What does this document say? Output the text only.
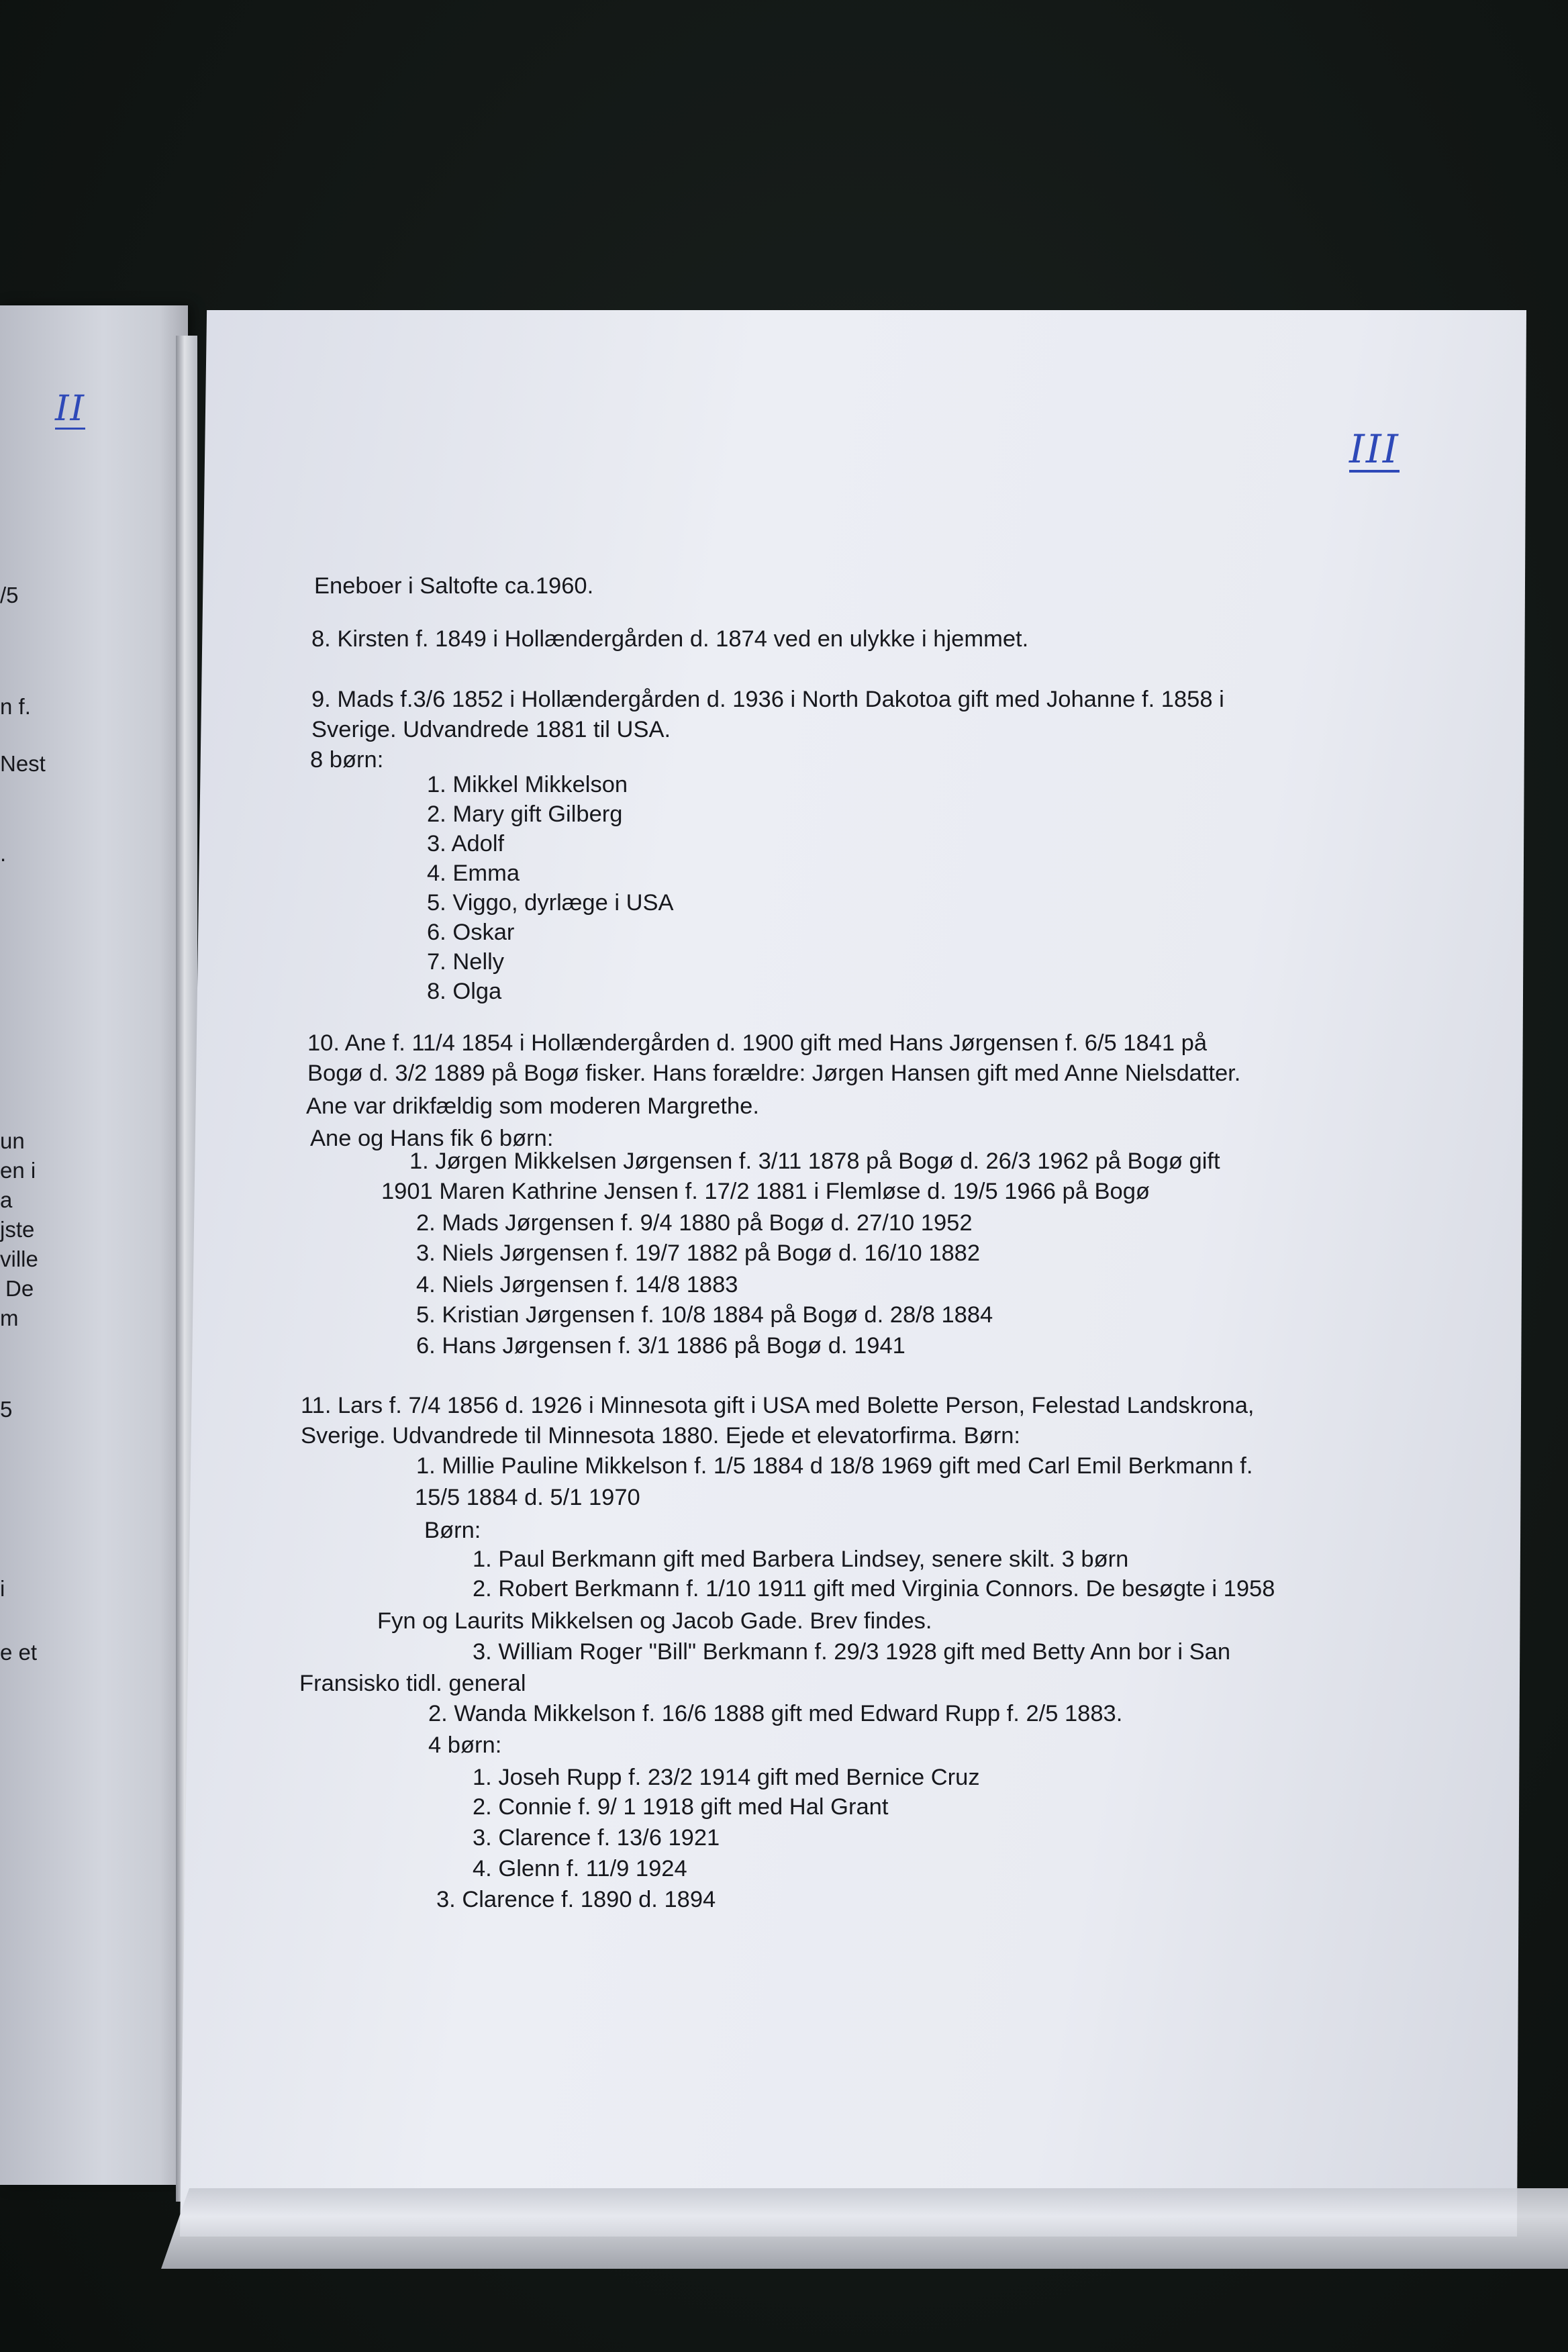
II
/5
n f.
Nest
.
un
en i
a
jste
ville
De
m
5
i
e et
III
Eneboer i Saltofte ca.1960.
8. Kirsten f. 1849 i Hollændergården d. 1874 ved en ulykke i hjemmet.
9. Mads f.3/6 1852 i Hollændergården d. 1936 i North Dakotoa gift med Johanne f. 1858 i
Sverige. Udvandrede 1881 til USA.
8 børn:
1. Mikkel Mikkelson
2. Mary gift Gilberg
3. Adolf
4. Emma
5. Viggo, dyrlæge i USA
6. Oskar
7. Nelly
8. Olga
10. Ane f. 11/4 1854 i Hollændergården d. 1900 gift med Hans Jørgensen f. 6/5 1841 på
Bogø d. 3/2 1889 på Bogø fisker. Hans forældre: Jørgen Hansen gift med Anne Nielsdatter.
Ane var drikfældig som moderen Margrethe.
Ane og Hans fik 6 børn:
1. Jørgen Mikkelsen Jørgensen f. 3/11 1878 på Bogø d. 26/3 1962 på Bogø gift
1901 Maren Kathrine Jensen f. 17/2 1881 i Flemløse d. 19/5 1966 på Bogø
2. Mads Jørgensen f. 9/4 1880 på Bogø d. 27/10 1952
3. Niels Jørgensen f. 19/7 1882 på Bogø d. 16/10 1882
4. Niels Jørgensen f. 14/8 1883
5. Kristian Jørgensen f. 10/8 1884 på Bogø d. 28/8 1884
6. Hans Jørgensen f. 3/1 1886 på Bogø d. 1941
11. Lars f. 7/4 1856 d. 1926 i Minnesota gift i USA med Bolette Person, Felestad Landskrona,
Sverige. Udvandrede til Minnesota 1880. Ejede et elevatorfirma. Børn:
1. Millie Pauline Mikkelson f. 1/5 1884 d 18/8 1969 gift med Carl Emil Berkmann f.
15/5 1884 d. 5/1 1970
Børn:
1. Paul Berkmann gift med Barbera Lindsey, senere skilt. 3 børn
2. Robert Berkmann f. 1/10 1911 gift med Virginia Connors. De besøgte i 1958
Fyn og Laurits Mikkelsen og Jacob Gade. Brev findes.
3. William Roger "Bill" Berkmann f. 29/3 1928 gift med Betty Ann bor i San
Fransisko tidl. general
2. Wanda Mikkelson f. 16/6 1888 gift med Edward Rupp f. 2/5 1883.
4 børn:
1. Joseh Rupp f. 23/2 1914 gift med Bernice Cruz
2. Connie f. 9/ 1 1918 gift med Hal Grant
3. Clarence f. 13/6 1921
4. Glenn f. 11/9 1924
3. Clarence f. 1890 d. 1894
